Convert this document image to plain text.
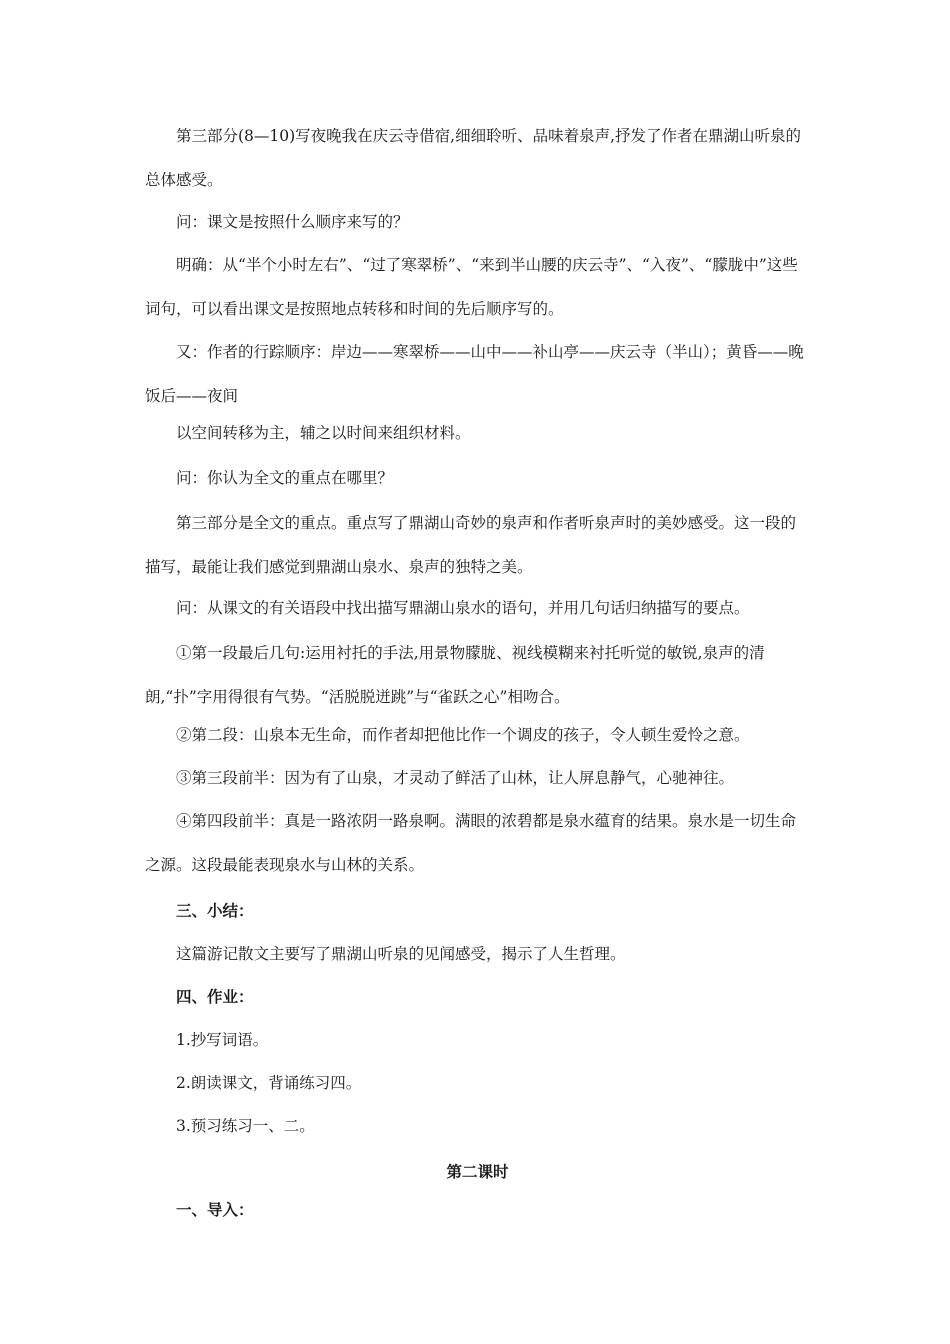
第三部分(8—10)写夜晚我在庆云寺借宿,细细聆听、品味着泉声,抒发了作者在鼎湖山听泉的总体感受。

问：课文是按照什么顺序来写的？

明确：从“半个小时左右”、“过了寒翠桥”、“来到半山腰的庆云寺”、“入夜”、“朦胧中”这些词句，可以看出课文是按照地点转移和时间的先后顺序写的。

又：作者的行踪顺序：岸边——寒翠桥——山中——补山亭——庆云寺（半山）；黄昏——晚饭后——夜间

以空间转移为主，辅之以时间来组织材料。

问：你认为全文的重点在哪里？

第三部分是全文的重点。重点写了鼎湖山奇妙的泉声和作者听泉声时的美妙感受。这一段的描写，最能让我们感觉到鼎湖山泉水、泉声的独特之美。

问：从课文的有关语段中找出描写鼎湖山泉水的语句，并用几句话归纳描写的要点。

①第一段最后几句:运用衬托的手法,用景物朦胧、视线模糊来衬托听觉的敏锐,泉声的清朗,“扑”字用得很有气势。“活脱脱迸跳”与“雀跃之心”相吻合。

②第二段：山泉本无生命，而作者却把他比作一个调皮的孩子，令人顿生爱怜之意。

③第三段前半：因为有了山泉，才灵动了鲜活了山林，让人屏息静气，心驰神往。

④第四段前半：真是一路浓阴一路泉啊。满眼的浓碧都是泉水蕴育的结果。泉水是一切生命之源。这段最能表现泉水与山林的关系。

三、小结：

这篇游记散文主要写了鼎湖山听泉的见闻感受，揭示了人生哲理。

四、作业：

1.抄写词语。

2.朗读课文，背诵练习四。

3.预习练习一、二。

第二课时

一、导入：
